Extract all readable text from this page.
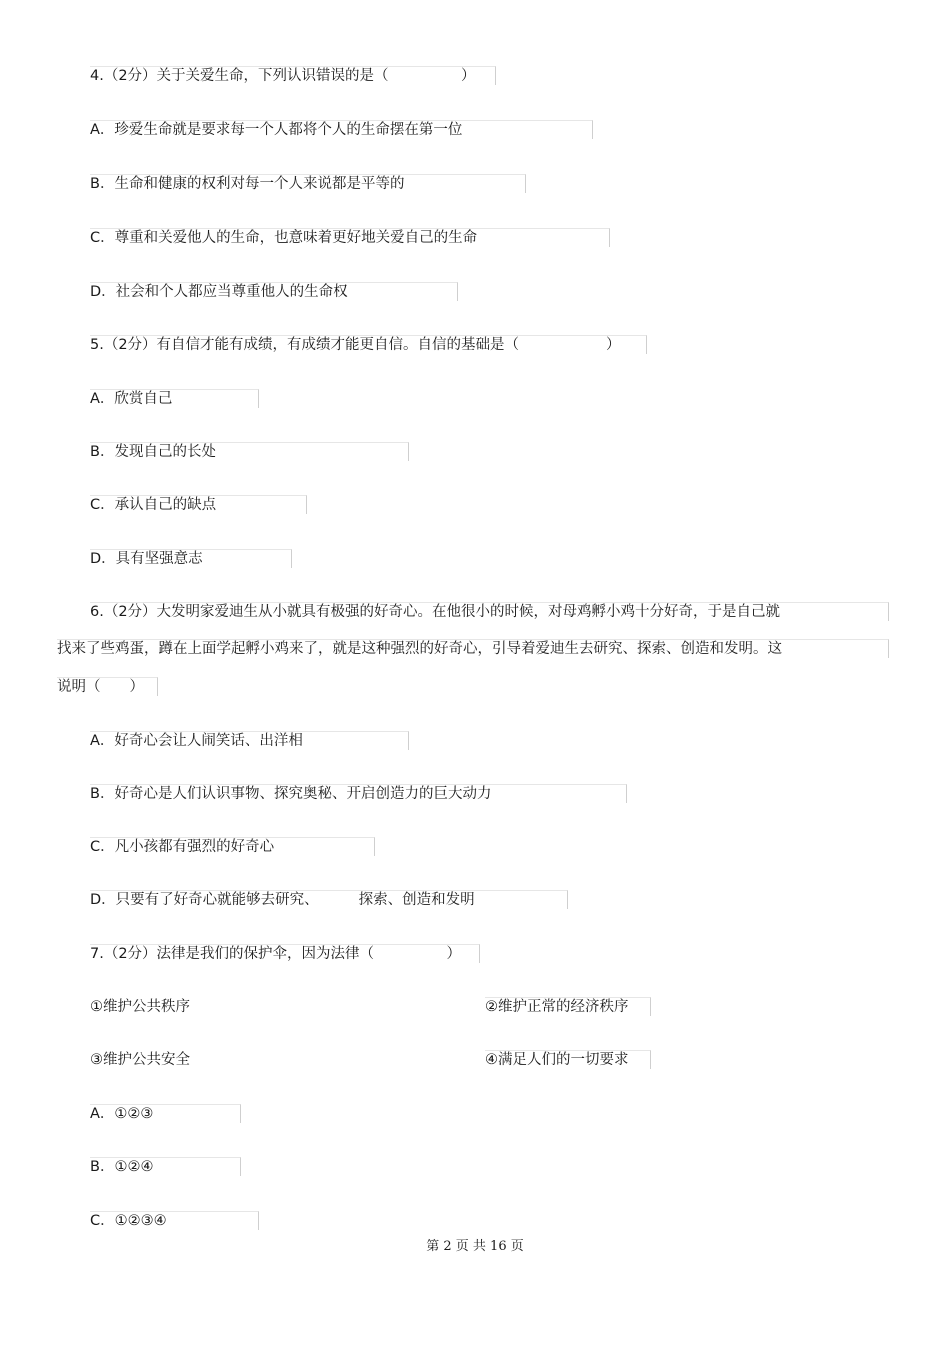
4.（2分）关于关爱生命，下列认识错误的是（　　　　　）
A．珍爱生命就是要求每一个人都将个人的生命摆在第一位
B．生命和健康的权利对每一个人来说都是平等的
C．尊重和关爱他人的生命，也意味着更好地关爱自己的生命
D．社会和个人都应当尊重他人的生命权
5.（2分）有自信才能有成绩，有成绩才能更自信。自信的基础是（　　　　　　）
A．欣赏自己
B．发现自己的长处
C．承认自己的缺点
D．具有坚强意志
6.（2分）大发明家爱迪生从小就具有极强的好奇心。在他很小的时候，对母鸡孵小鸡十分好奇，于是自己就
找来了些鸡蛋，蹲在上面学起孵小鸡来了，就是这种强烈的好奇心，引导着爱迪生去研究、探索、创造和发明。这
说明（　　）
A．好奇心会让人闹笑话、出洋相
B．好奇心是人们认识事物、探究奥秘、开启创造力的巨大动力
C．凡小孩都有强烈的好奇心
D．只要有了好奇心就能够去研究、	探索、创造和发明
7.（2分）法律是我们的保护伞，因为法律（　　　　　）
①维护公共秩序	②维护正常的经济秩序
③维护公共安全	④满足人们的一切要求
A．①②③
B．①②④
C．①②③④
第 2 页 共 16 页
